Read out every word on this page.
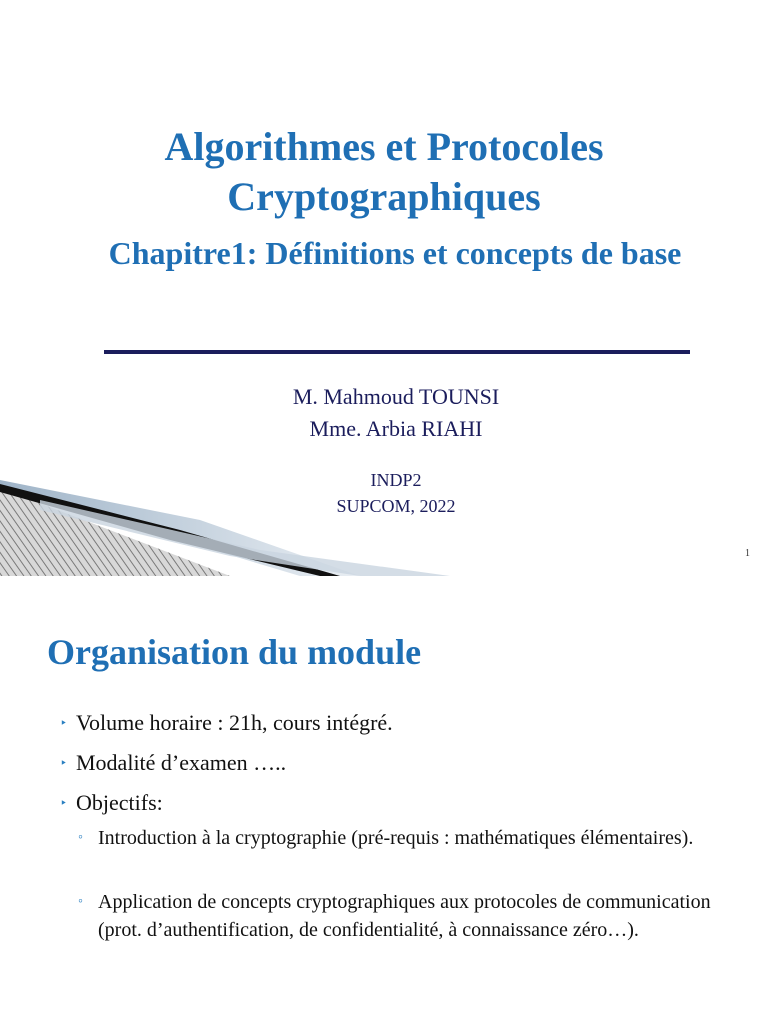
Algorithmes et Protocoles
Cryptographiques
Chapitre1: Définitions et concepts de base
M. Mahmoud TOUNSI
Mme. Arbia RIAHI
INDP2
SUPCOM, 2022
1
Organisation du module
‣ Volume horaire : 21h, cours intégré.
‣ Modalité d’examen …..
‣ Objectifs:
◦ Introduction à la cryptographie (pré-requis : mathématiques élémentaires).
◦ Application de concepts cryptographiques aux protocoles de communication (prot. d’authentification, de confidentialité, à connaissance zéro…).
